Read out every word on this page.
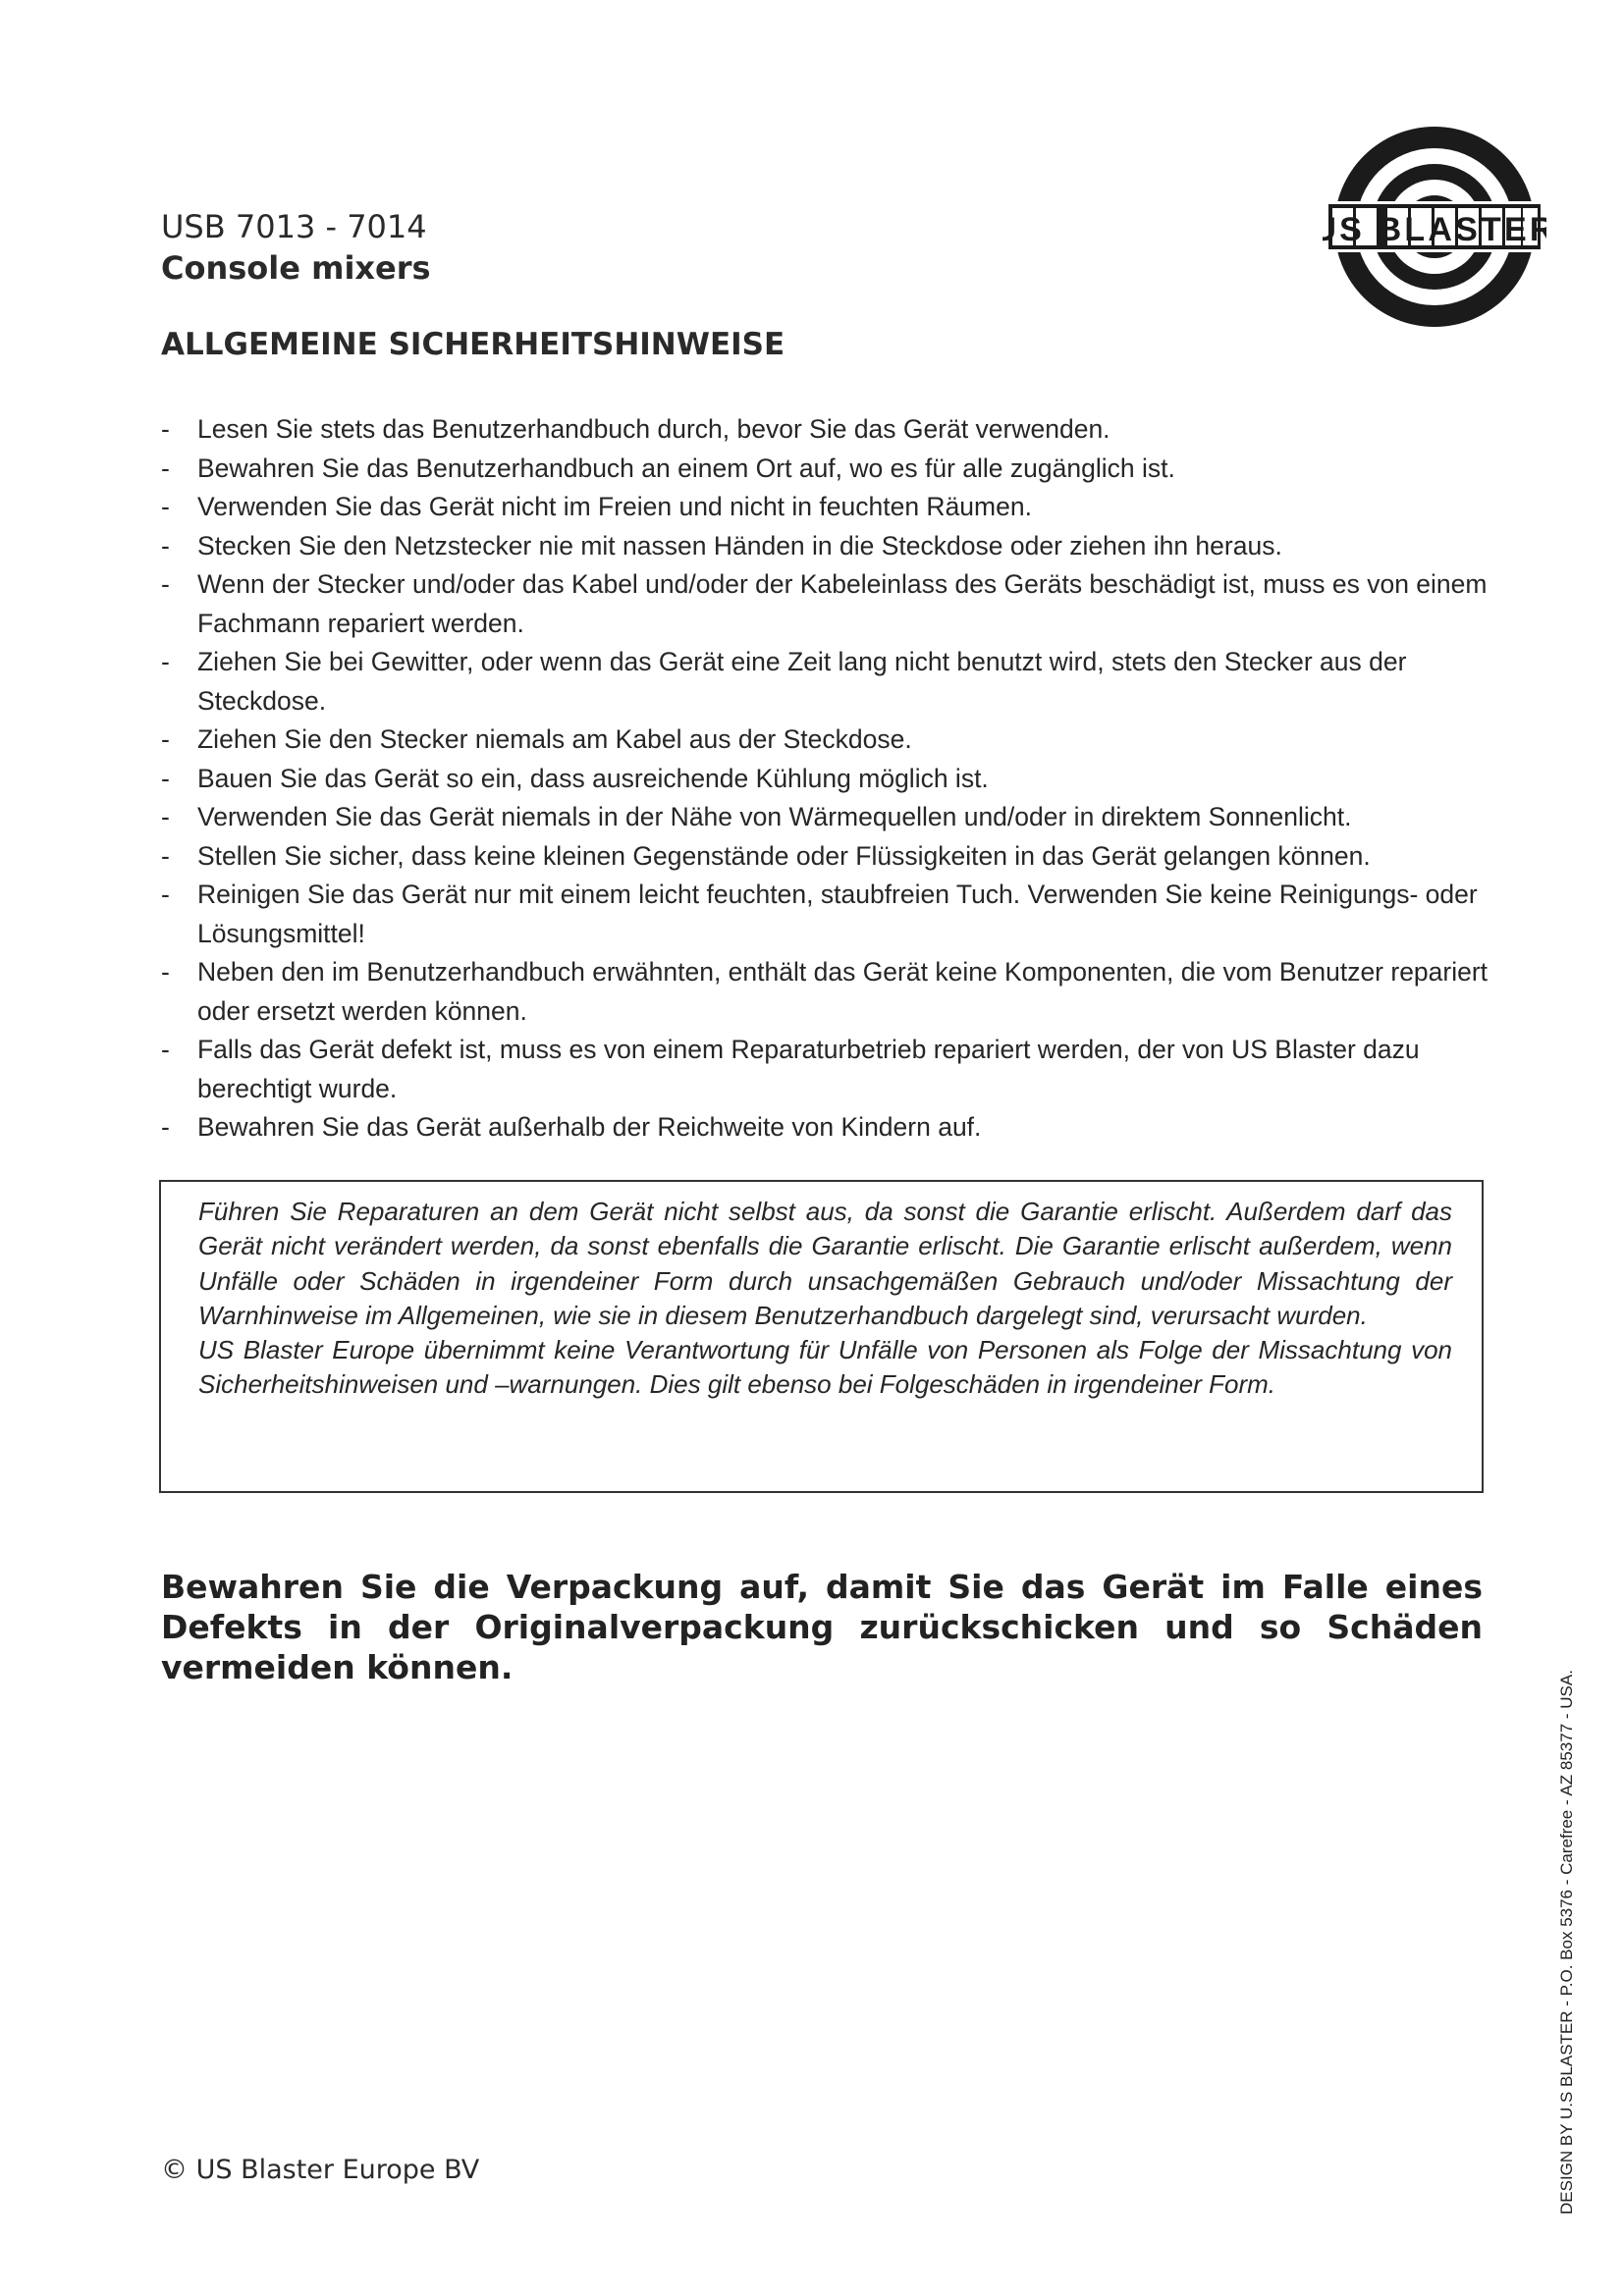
USB 7013 - 7014
Console mixers
US BLASTER
ALLGEMEINE SICHERHEITSHINWEISE
- Lesen Sie stets das Benutzerhandbuch durch, bevor Sie das Gerät verwenden.
- Bewahren Sie das Benutzerhandbuch an einem Ort auf, wo es für alle zugänglich ist.
- Verwenden Sie das Gerät nicht im Freien und nicht in feuchten Räumen.
- Stecken Sie den Netzstecker nie mit nassen Händen in die Steckdose oder ziehen ihn heraus.
- Wenn der Stecker und/oder das Kabel und/oder der Kabeleinlass des Geräts beschädigt ist, muss es von einem Fachmann repariert werden.
- Ziehen Sie bei Gewitter, oder wenn das Gerät eine Zeit lang nicht benutzt wird, stets den Stecker aus der Steckdose.
- Ziehen Sie den Stecker niemals am Kabel aus der Steckdose.
- Bauen Sie das Gerät so ein, dass ausreichende Kühlung möglich ist.
- Verwenden Sie das Gerät niemals in der Nähe von Wärmequellen und/oder in direktem Sonnenlicht.
- Stellen Sie sicher, dass keine kleinen Gegenstände oder Flüssigkeiten in das Gerät gelangen können.
- Reinigen Sie das Gerät nur mit einem leicht feuchten, staubfreien Tuch. Verwenden Sie keine Reinigungs- oder Lösungsmittel!
- Neben den im Benutzerhandbuch erwähnten, enthält das Gerät keine Komponenten, die vom Benutzer repariert oder ersetzt werden können.
- Falls das Gerät defekt ist, muss es von einem Reparaturbetrieb repariert werden, der von US Blaster dazu berechtigt wurde.
- Bewahren Sie das Gerät außerhalb der Reichweite von Kindern auf.

Führen Sie Reparaturen an dem Gerät nicht selbst aus, da sonst die Garantie erlischt. Außerdem darf das Gerät nicht verändert werden, da sonst ebenfalls die Garantie erlischt. Die Garantie erlischt außerdem, wenn Unfälle oder Schäden in irgendeiner Form durch unsachgemäßen Gebrauch und/oder Missachtung der Warnhinweise im Allgemeinen, wie sie in diesem Benutzerhandbuch dargelegt sind, verursacht wurden.

US Blaster Europe übernimmt keine Verantwortung für Unfälle von Personen als Folge der Missachtung von Sicherheitshinweisen und –warnungen. Dies gilt ebenso bei Folgeschäden in irgendeiner Form.

Bewahren Sie die Verpackung auf, damit Sie das Gerät im Falle eines Defekts in der Originalverpackung zurückschicken und so Schäden vermeiden können.
© US Blaster Europe BV	DESIGN BY U.S BLASTER - P.O. Box 5376 - Carefree - AZ 85377 - USA.
